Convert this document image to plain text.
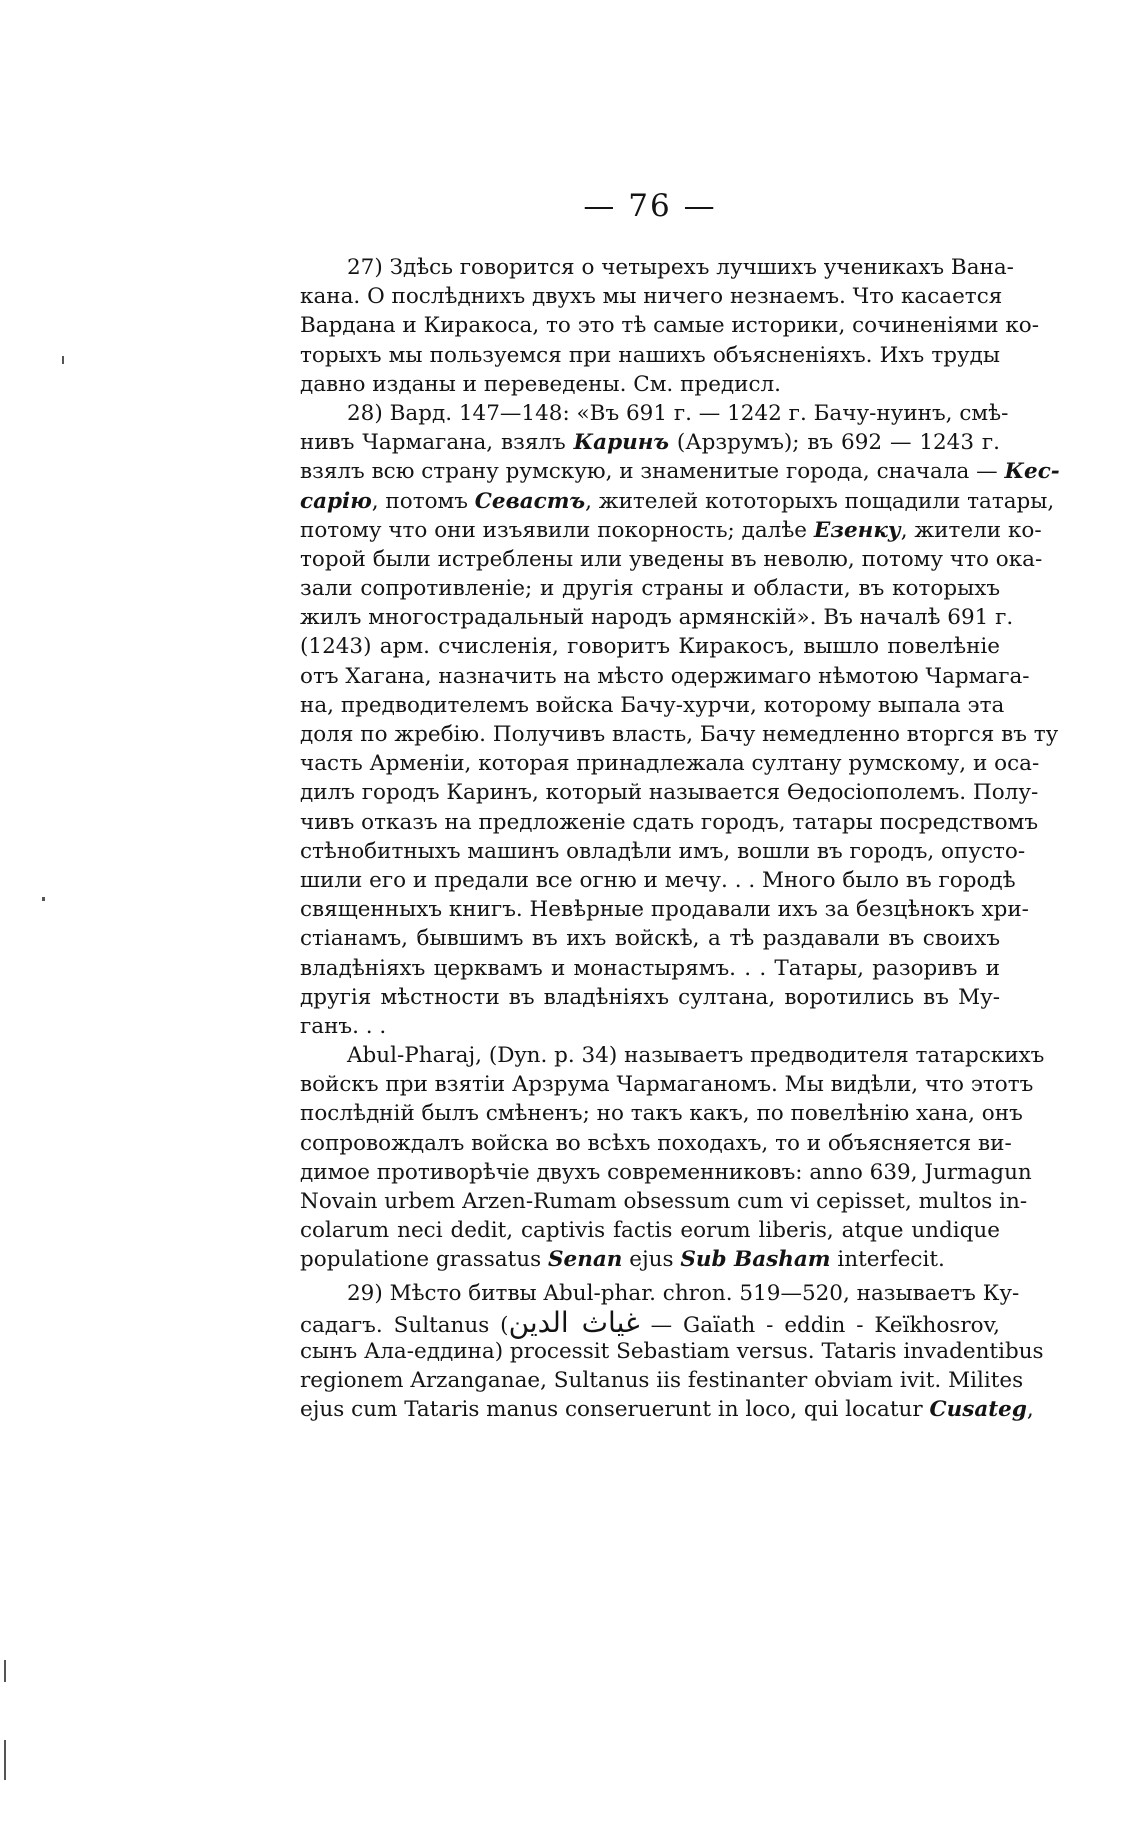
— 76 —
27) Здѣсь говорится о четырехъ лучшихъ ученикахъ Вана-
кана. О послѣднихъ двухъ мы ничего незнаемъ. Что касается
Вардана и Киракоса, то это тѣ самые историки, сочиненіями ко-
торыхъ мы пользуемся при нашихъ объясненіяхъ. Ихъ труды
давно изданы и переведены. См. предисл.
28) Вард. 147—148: «Въ 691 г. — 1242 г. Бачу-нуинъ, смѣ-
нивъ Чармагана, взялъ Каринъ (Арзрумъ); въ 692 — 1243 г.
взялъ всю страну румскую, и знаменитые города, сначала — Кес-
сарію, потомъ Севастъ, жителей кототорыхъ пощадили татары,
потому что они изъявили покорность; далѣе Езенку, жители ко-
торой были истреблены или уведены въ неволю, потому что ока-
зали сопротивленіе; и другія страны и области, въ которыхъ
жилъ многострадальный народъ армянскій». Въ началѣ 691 г.
(1243) арм. счисленія, говоритъ Киракосъ, вышло повелѣніе
отъ Хагана, назначить на мѣсто одержимаго нѣмотою Чармага-
на, предводителемъ войска Бачу-хурчи, которому выпала эта
доля по жребію. Получивъ власть, Бачу немедленно вторгся въ ту
часть Арменіи, которая принадлежала султану румскому, и оса-
дилъ городъ Каринъ, который называется Ѳедосіополемъ. Полу-
чивъ отказъ на предложеніе сдать городъ, татары посредствомъ
стѣнобитныхъ машинъ овладѣли имъ, вошли въ городъ, опусто-
шили его и предали все огню и мечу. . . Много было въ городѣ
священныхъ книгъ. Невѣрные продавали ихъ за безцѣнокъ хри-
стіанамъ, бывшимъ въ ихъ войскѣ, а тѣ раздавали въ своихъ
владѣніяхъ церквамъ и монастырямъ. . . Татары, разоривъ и
другія мѣстности въ владѣніяхъ султана, воротились въ Му-
ганъ. . .
Abul-Pharaj, (Dyn. p. 34) называетъ предводителя татарскихъ
войскъ при взятіи Арзрума Чармаганомъ. Мы видѣли, что этотъ
послѣдній былъ смѣненъ; но такъ какъ, по повелѣнію хана, онъ
сопровождалъ войска во всѣхъ походахъ, то и объясняется ви-
димое противорѣчіе двухъ современниковъ: anno 639, Jurmagun
Novain urbem Arzen-Rumam obsessum cum vi cepisset, multos in-
colarum neci dedit, captivis factis eorum liberis, atque undique
populatione grassatus Senan ejus Sub Basham interfecit.
29) Мѣсто битвы Abul-phar. chron. 519—520, называетъ Ку-
садагъ. Sultanus (غياث الدين — Gaïath - eddin - Keïkhosrov,
сынъ Ала-еддина) processit Sebastiam versus. Tataris invadentibus
regionem Arzanganae, Sultanus iis festinanter obviam ivit. Milites
ejus cum Tataris manus conseruerunt in loco, qui locatur Cusateg,
